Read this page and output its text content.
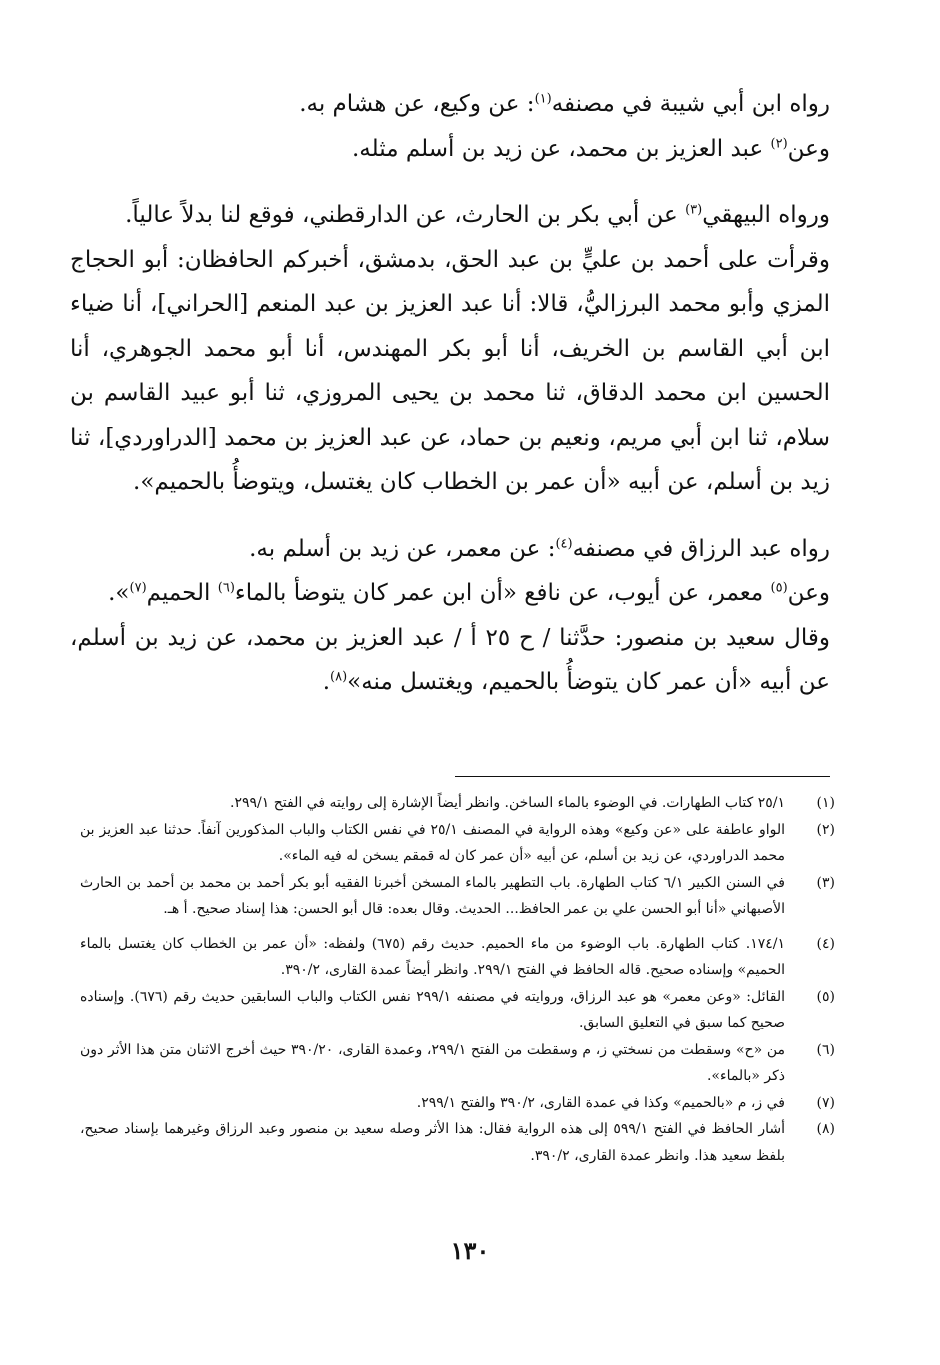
رواه ابن أبي شيبة في مصنفه$^{(١)}$: عن وكيع، عن هشام به.
وعن$^{(٢)}$ عبد العزيز بن محمد، عن زيد بن أسلم مثله.

ورواه البيهقي$^{(٣)}$ عن أبي بكر بن الحارث، عن الدارقطني، فوقع لنا بدلاً عالياً.

وقرأت على أحمد بن عليٍّ بن عبد الحق، بدمشق، أخبركم الحافظان: أبو الحجاج المزي وأبو محمد البرزاليُّ، قالا: أنا عبد العزيز بن عبد المنعم [الحراني]، أنا ضياء ابن أبي القاسم بن الخريف، أنا أبو بكر المهندس، أنا أبو محمد الجوهري، أنا الحسين ابن محمد الدقاق، ثنا محمد بن يحيى المروزي، ثنا أبو عبيد القاسم بن سلام، ثنا ابن أبي مريم، ونعيم بن حماد، عن عبد العزيز بن محمد [الدراوردي]، ثنا زيد بن أسلم، عن أبيه «أن عمر بن الخطاب كان يغتسل، ويتوضأُ بالحميم».

رواه عبد الرزاق في مصنفه$^{(٤)}$: عن معمر، عن زيد بن أسلم به.
وعن$^{(٥)}$ معمر، عن أيوب، عن نافع «أن ابن عمر كان يتوضأ بالماء$^{(٦)}$ الحميم$^{(٧)}$».

وقال سعيد بن منصور: حدَّثنا / ح ٢٥ أ / عبد العزيز بن محمد، عن زيد بن أسلم، عن أبيه «أن عمر كان يتوضأُ بالحميم، ويغتسل منه»$^{(٨)}$.

(١)
٢٥/١ كتاب الطهارات. في الوضوء بالماء الساخن. وانظر أيضاً الإشارة إلى روايته في الفتح ٢٩٩/١.
(٢)
الواو عاطفة على «عن وكيع» وهذه الرواية في المصنف ٢٥/١ في نفس الكتاب والباب المذكورين آنفاً. حدثنا عبد العزيز بن محمد الدراوردي، عن زيد بن أسلم، عن أبيه «أن عمر كان له قمقم يسخن له فيه الماء».
(٣)
في السنن الكبير ٦/١ كتاب الطهارة. باب التطهير بالماء المسخن أخبرنا الفقيه أبو بكر أحمد بن محمد بن أحمد بن الحارث الأصبهاني «أنا أبو الحسن علي بن عمر الحافظ... الحديث. وقال بعده: قال أبو الحسن: هذا إسناد صحيح. أ هـ.
(٤)
١٧٤/١. كتاب الطهارة. باب الوضوء من ماء الحميم. حديث رقم (٦٧٥) ولفظه: «أن عمر بن الخطاب كان يغتسل بالماء الحميم» وإسناده صحيح. قاله الحافظ في الفتح ٢٩٩/١. وانظر أيضاً عمدة القارى، ٣٩٠/٢.
(٥)
القائل: «وعن معمر» هو عبد الرزاق، وروايته في مصنفه ٢٩٩/١ نفس الكتاب والباب السابقين حديث رقم (٦٧٦). وإسناده صحيح كما سبق في التعليق السابق.
(٦)
من «ح» وسقطت من نسختي ز، م وسقطت من الفتح ٢٩٩/١، وعمدة القارى، ٣٩٠/٢٠ حيث أخرج الاثنان متن هذا الأثر دون ذكر «بالماء».
(٧)
في ز، م «بالحميم» وكذا في عمدة القارى، ٣٩٠/٢ والفتح ٢٩٩/١.
(٨)
أشار الحافظ في الفتح ٥٩٩/١ إلى هذه الرواية فقال: هذا الأثر وصله سعيد بن منصور وعبد الرزاق وغيرهما بإسناد صحيح، بلفظ سعيد هذا. وانظر عمدة القارى، ٣٩٠/٢.
١٣٠
